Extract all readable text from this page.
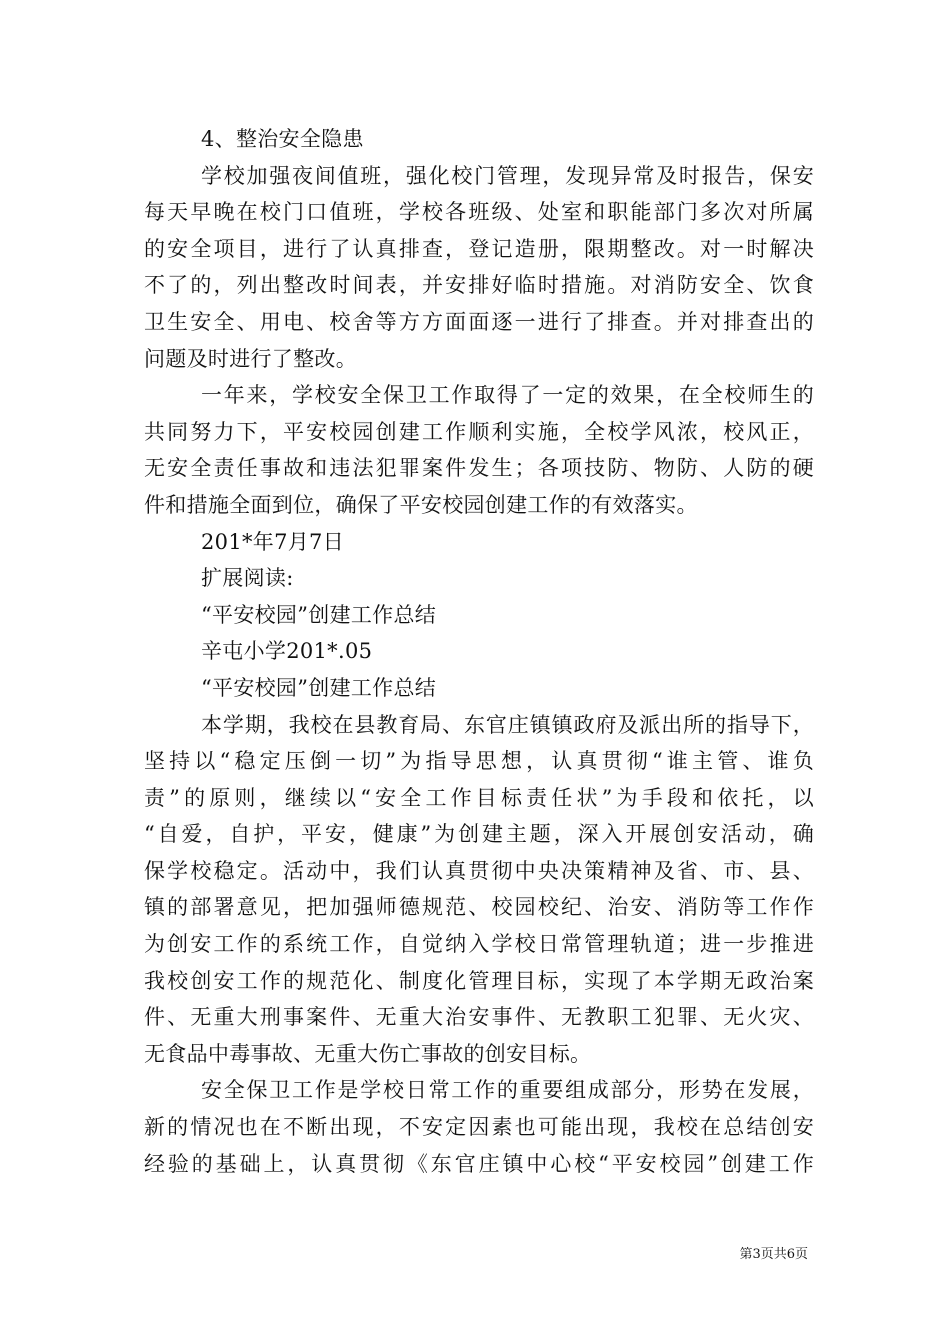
4、整治安全隐患
学校加强夜间值班，强化校门管理，发现异常及时报告，保安
每天早晚在校门口值班，学校各班级、处室和职能部门多次对所属
的安全项目，进行了认真排查，登记造册，限期整改。对一时解决
不了的，列出整改时间表，并安排好临时措施。对消防安全、饮食
卫生安全、用电、校舍等方方面面逐一进行了排查。并对排查出的
问题及时进行了整改。
一年来，学校安全保卫工作取得了一定的效果，在全校师生的
共同努力下，平安校园创建工作顺利实施，全校学风浓，校风正，
无安全责任事故和违法犯罪案件发生；各项技防、物防、人防的硬
件和措施全面到位，确保了平安校园创建工作的有效落实。
201*年7月7日
扩展阅读:
“平安校园”创建工作总结
辛屯小学201*.05
“平安校园”创建工作总结
本学期，我校在县教育局、东官庄镇镇政府及派出所的指导下，
坚持以“稳定压倒一切”为指导思想，认真贯彻“谁主管、谁负
责”的原则，继续以“安全工作目标责任状”为手段和依托，以
“自爱，自护，平安，健康”为创建主题，深入开展创安活动，确
保学校稳定。活动中，我们认真贯彻中央决策精神及省、市、县、
镇的部署意见，把加强师德规范、校园校纪、治安、消防等工作作
为创安工作的系统工作，自觉纳入学校日常管理轨道；进一步推进
我校创安工作的规范化、制度化管理目标，实现了本学期无政治案
件、无重大刑事案件、无重大治安事件、无教职工犯罪、无火灾、
无食品中毒事故、无重大伤亡事故的创安目标。
安全保卫工作是学校日常工作的重要组成部分，形势在发展，
新的情况也在不断出现，不安定因素也可能出现，我校在总结创安
经验的基础上，认真贯彻《东官庄镇中心校“平安校园”创建工作
第3页共6页
